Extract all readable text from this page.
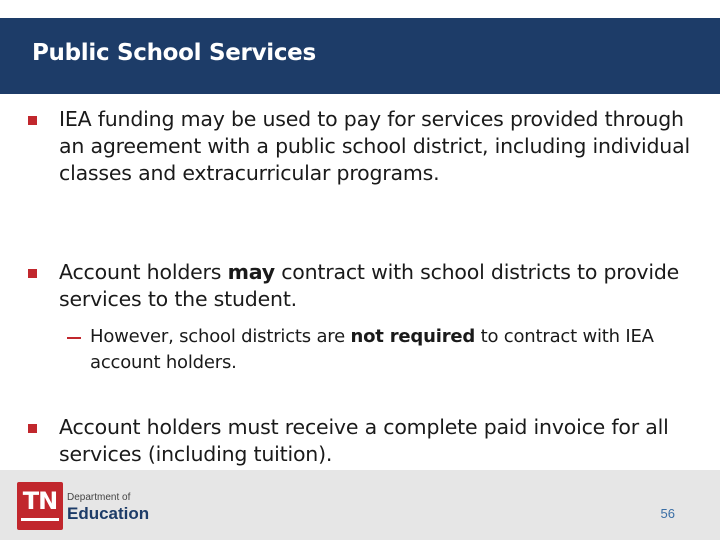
Public School Services
IEA funding may be used to pay for services provided through an agreement with a public school district, including individual classes and extracurricular programs.
Account holders may contract with school districts to provide services to the student.
However, school districts are not required to contract with IEA account holders.
Account holders must receive a complete paid invoice for all services (including tuition).
TN Department of
Education	56
